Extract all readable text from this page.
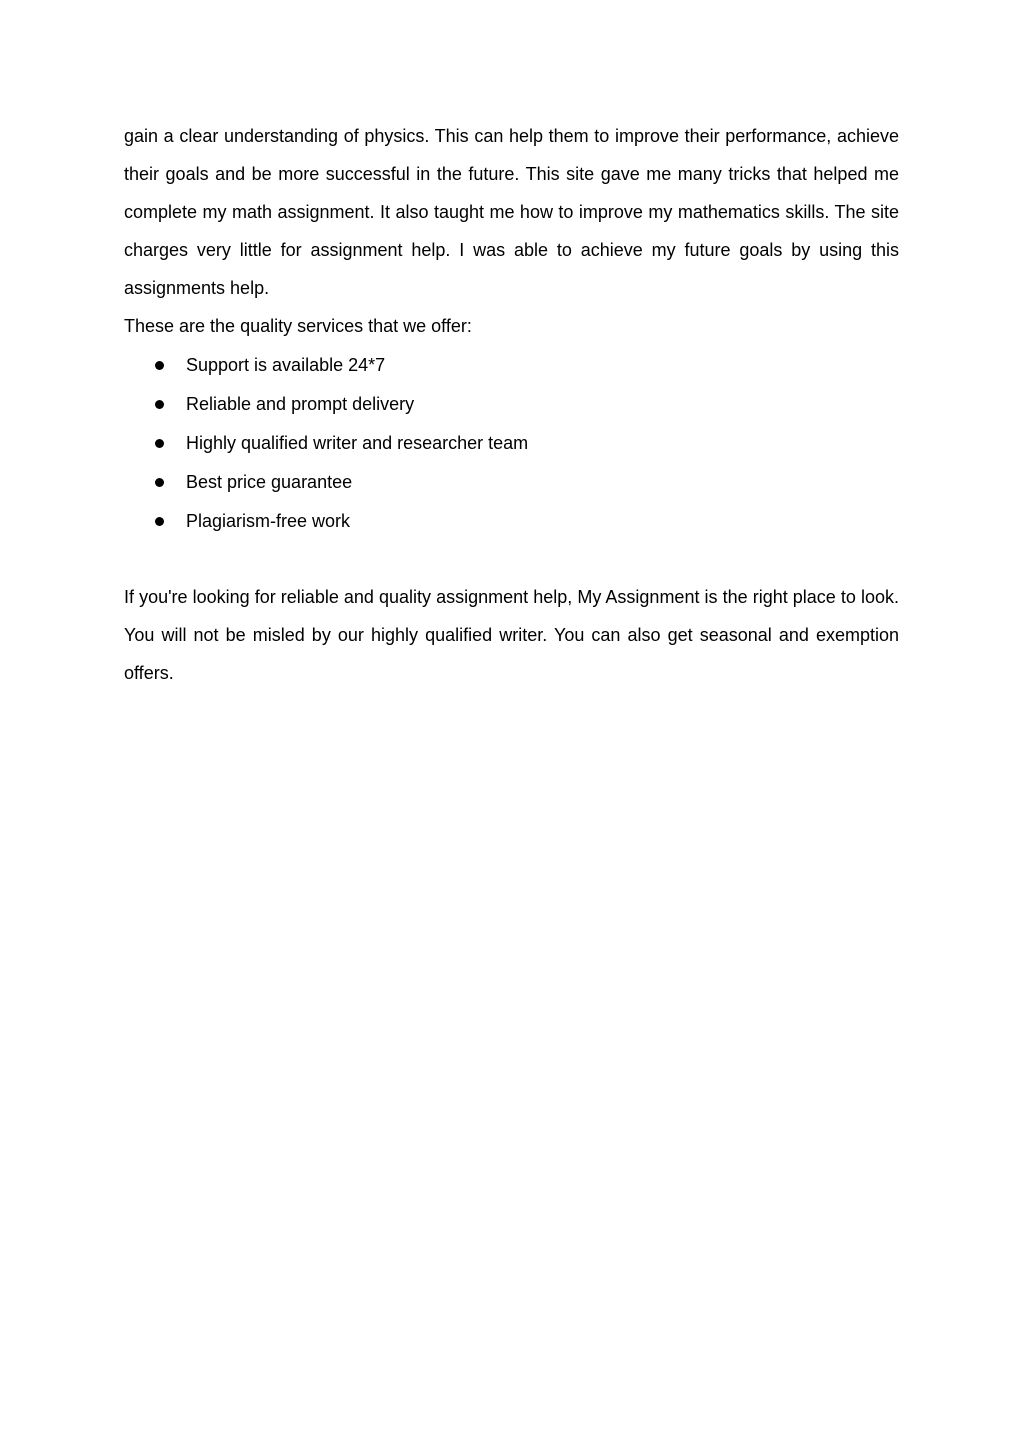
gain a clear understanding of physics. This can help them to improve their performance, achieve their goals and be more successful in the future. This site gave me many tricks that helped me complete my math assignment. It also taught me how to improve my mathematics skills. The site charges very little for assignment help. I was able to achieve my future goals by using this assignments help.

These are the quality services that we offer:

Support is available 24*7
Reliable and prompt delivery
Highly qualified writer and researcher team
Best price guarantee
Plagiarism-free work

If you're looking for reliable and quality assignment help, My Assignment is the right place to look. You will not be misled by our highly qualified writer. You can also get seasonal and exemption offers.
